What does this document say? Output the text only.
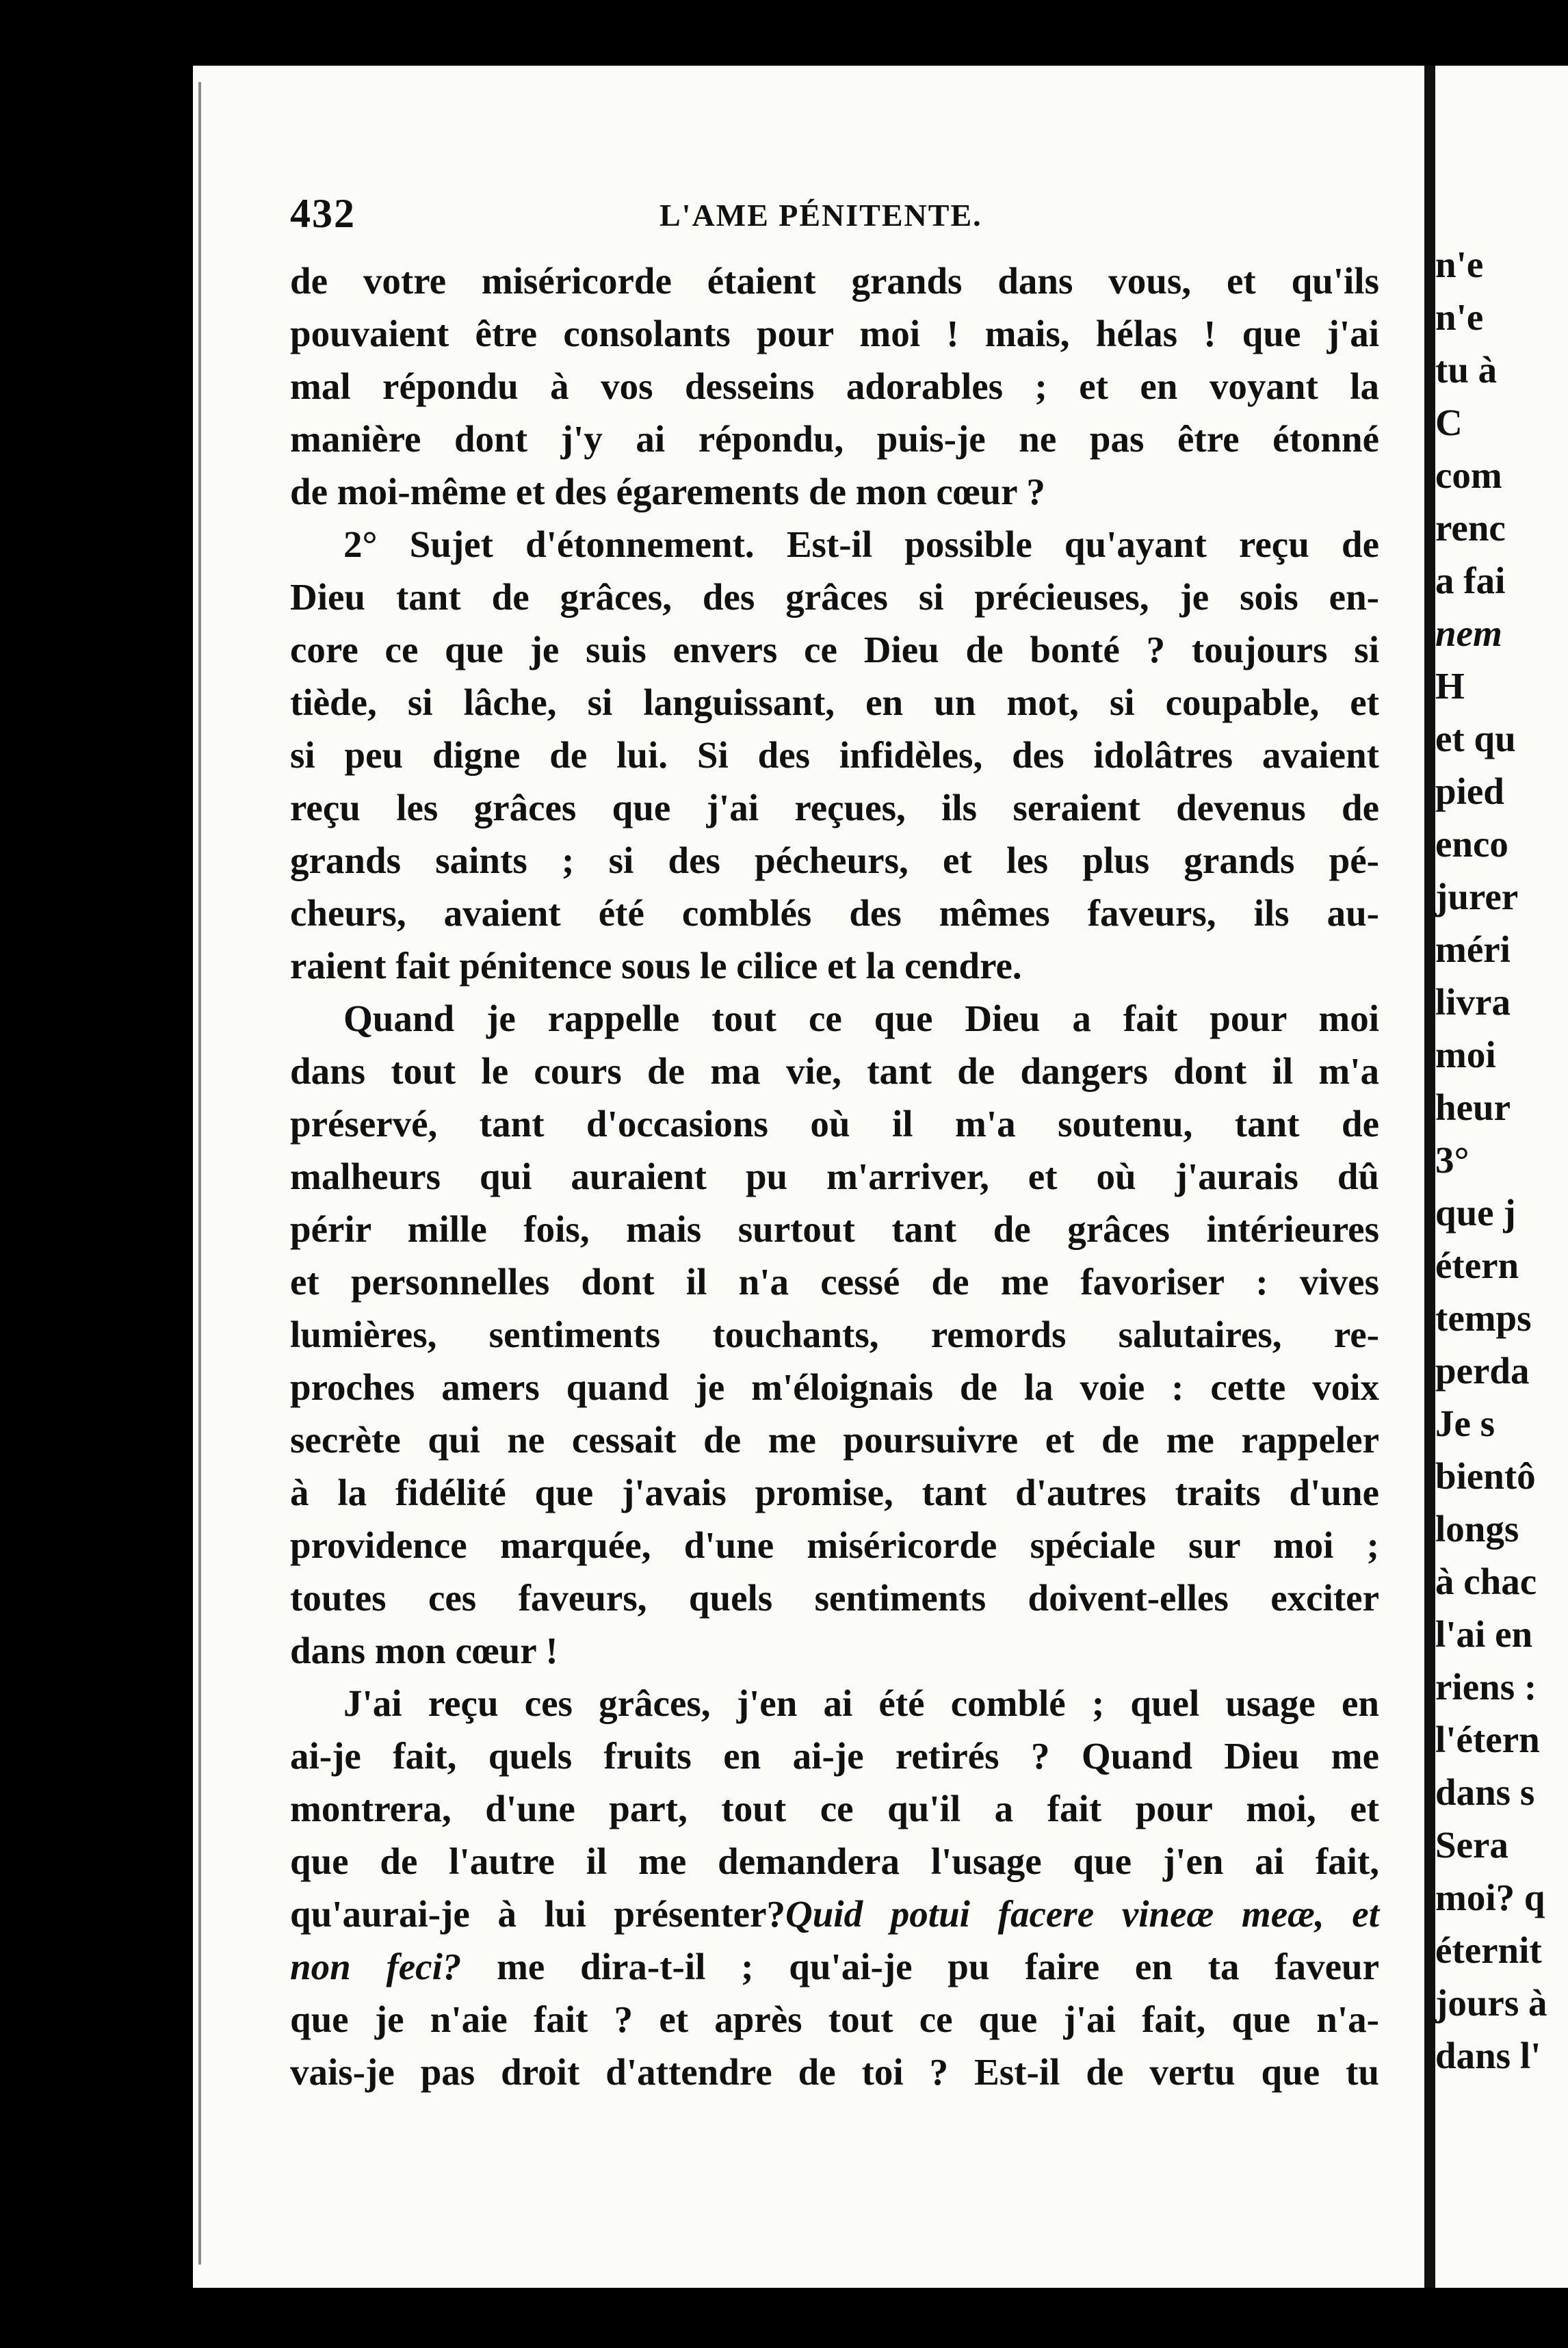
432	L'AME PÉNITENTE.
de votre miséricorde étaient grands dans vous, et qu'ils
pouvaient être consolants pour moi ! mais, hélas ! que j'ai
mal répondu à vos desseins adorables ; et en voyant la
manière dont j'y ai répondu, puis-je ne pas être étonné
de moi-même et des égarements de mon cœur ?
2° Sujet d'étonnement. Est-il possible qu'ayant reçu de
Dieu tant de grâces, des grâces si précieuses, je sois en-
core ce que je suis envers ce Dieu de bonté ? toujours si
tiède, si lâche, si languissant, en un mot, si coupable, et
si peu digne de lui. Si des infidèles, des idolâtres avaient
reçu les grâces que j'ai reçues, ils seraient devenus de
grands saints ; si des pécheurs, et les plus grands pé-
cheurs, avaient été comblés des mêmes faveurs, ils au-
raient fait pénitence sous le cilice et la cendre.
Quand je rappelle tout ce que Dieu a fait pour moi
dans tout le cours de ma vie, tant de dangers dont il m'a
préservé, tant d'occasions où il m'a soutenu, tant de
malheurs qui auraient pu m'arriver, et où j'aurais dû
périr mille fois, mais surtout tant de grâces intérieures
et personnelles dont il n'a cessé de me favoriser : vives
lumières, sentiments touchants, remords salutaires, re-
proches amers quand je m'éloignais de la voie : cette voix
secrète qui ne cessait de me poursuivre et de me rappeler
à la fidélité que j'avais promise, tant d'autres traits d'une
providence marquée, d'une miséricorde spéciale sur moi ;
toutes ces faveurs, quels sentiments doivent-elles exciter
dans mon cœur !
J'ai reçu ces grâces, j'en ai été comblé ; quel usage en
ai-je fait, quels fruits en ai-je retirés ? Quand Dieu me
montrera, d'une part, tout ce qu'il a fait pour moi, et
que de l'autre il me demandera l'usage que j'en ai fait,
qu'aurai-je à lui présenter?Quid potui facere vineæ meæ, et
non feci? me dira-t-il ; qu'ai-je pu faire en ta faveur
que je n'aie fait ? et après tout ce que j'ai fait, que n'a-
vais-je pas droit d'attendre de toi ? Est-il de vertu que tu
n'e
n'e
tu à
C
com
renc
a fai
nem
H
et qu
pied
enco
jurer
méri
livra
moi
heur
3°
que j
étern
temps
perda
Je s
bientô
longs
à chac
l'ai en
riens :
l'étern
dans s
Sera
moi? q
éternit
jours à
dans l'
